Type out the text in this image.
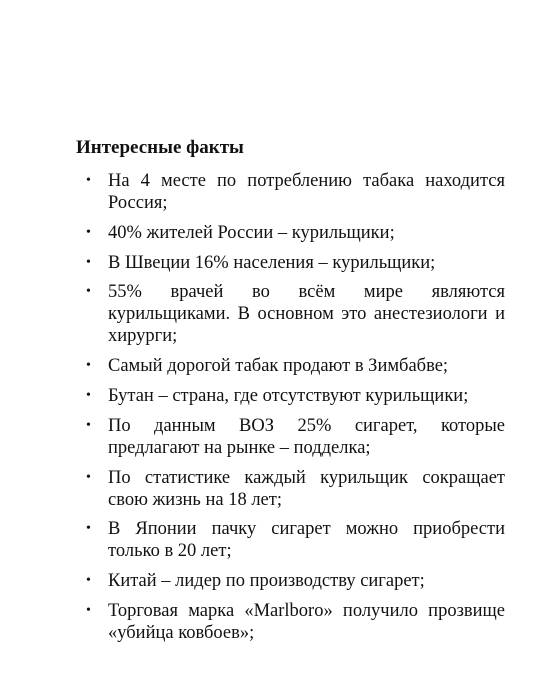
Интересные факты
• На 4 месте по потреблению табака находится Россия;
• 40% жителей России – курильщики;
• В Швеции 16% населения – курильщики;
• 55% врачей во всём мире являются курильщиками. В основном это анестезиологи и хирурги;
• Самый дорогой табак продают в Зимбабве;
• Бутан – страна, где отсутствуют курильщики;
• По данным ВОЗ 25% сигарет, которые предлагают на рынке – подделка;
• По статистике каждый курильщик сокращает свою жизнь на 18 лет;
• В Японии пачку сигарет можно приобрести только в 20 лет;
• Китай – лидер по производству сигарет;
• Торговая марка «Marlboro» получило прозвище «убийца ковбоев»;
